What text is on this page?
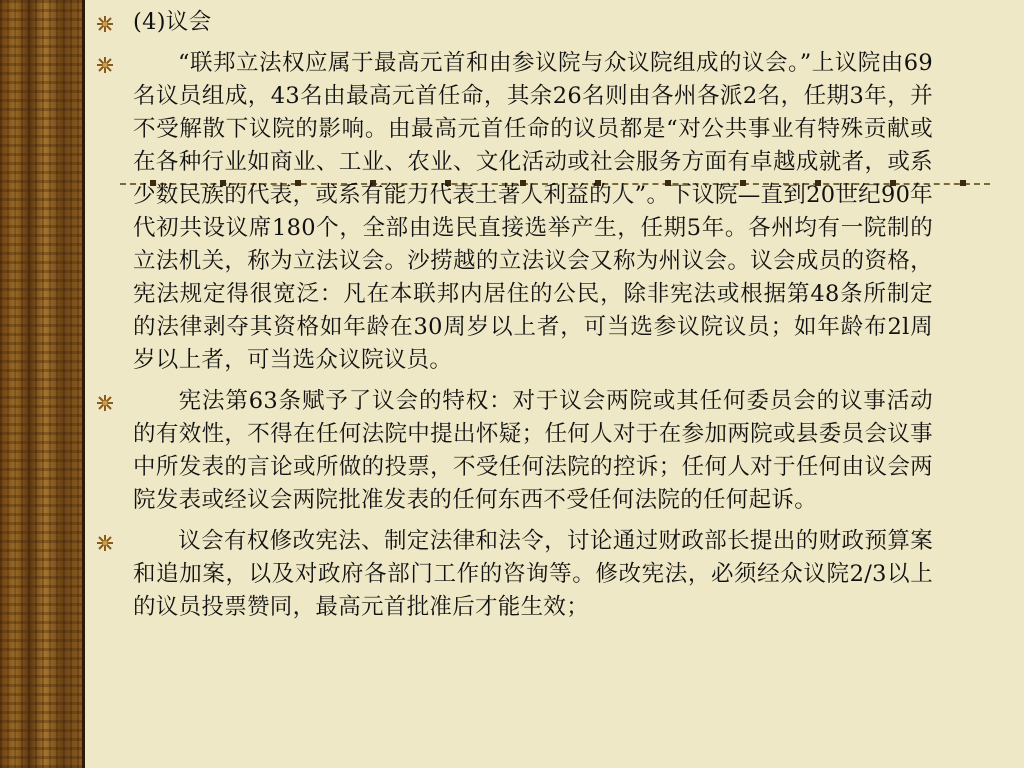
(4)议会
“联邦立法权应属于最高元首和由参议院与众议院组成的议会。”上议院由69名议员组成，43名由最高元首任命，其余26名则由各州各派2名，任期3年，并不受解散下议院的影响。由最高元首任命的议员都是“对公共事业有特殊贡献或在各种行业如商业、工业、农业、文化活动或社会服务方面有卓越成就者，或系少数民族的代表，或系有能力代表土著人利益的人”。下议院—直到20世纪90年代初共设议席180个，全部由选民直接选举产生，任期5年。各州均有一院制的立法机关，称为立法议会。沙捞越的立法议会又称为州议会。议会成员的资格，宪法规定得很宽泛：凡在本联邦内居住的公民，除非宪法或根据第48条所制定的法律剥夺其资格如年龄在30周岁以上者，可当选参议院议员；如年龄布2l周岁以上者，可当选众议院议员。
宪法第63条赋予了议会的特权：对于议会两院或其任何委员会的议事活动的有效性，不得在任何法院中提出怀疑；任何人对于在参加两院或县委员会议事中所发表的言论或所做的投票，不受任何法院的控诉；任何人对于任何由议会两院发表或经议会两院批准发表的任何东西不受任何法院的任何起诉。
议会有权修改宪法、制定法律和法令，讨论通过财政部长提出的财政预算案和追加案，以及对政府各部门工作的咨询等。修改宪法，必须经众议院2/3以上的议员投票赞同，最高元首批准后才能生效；
